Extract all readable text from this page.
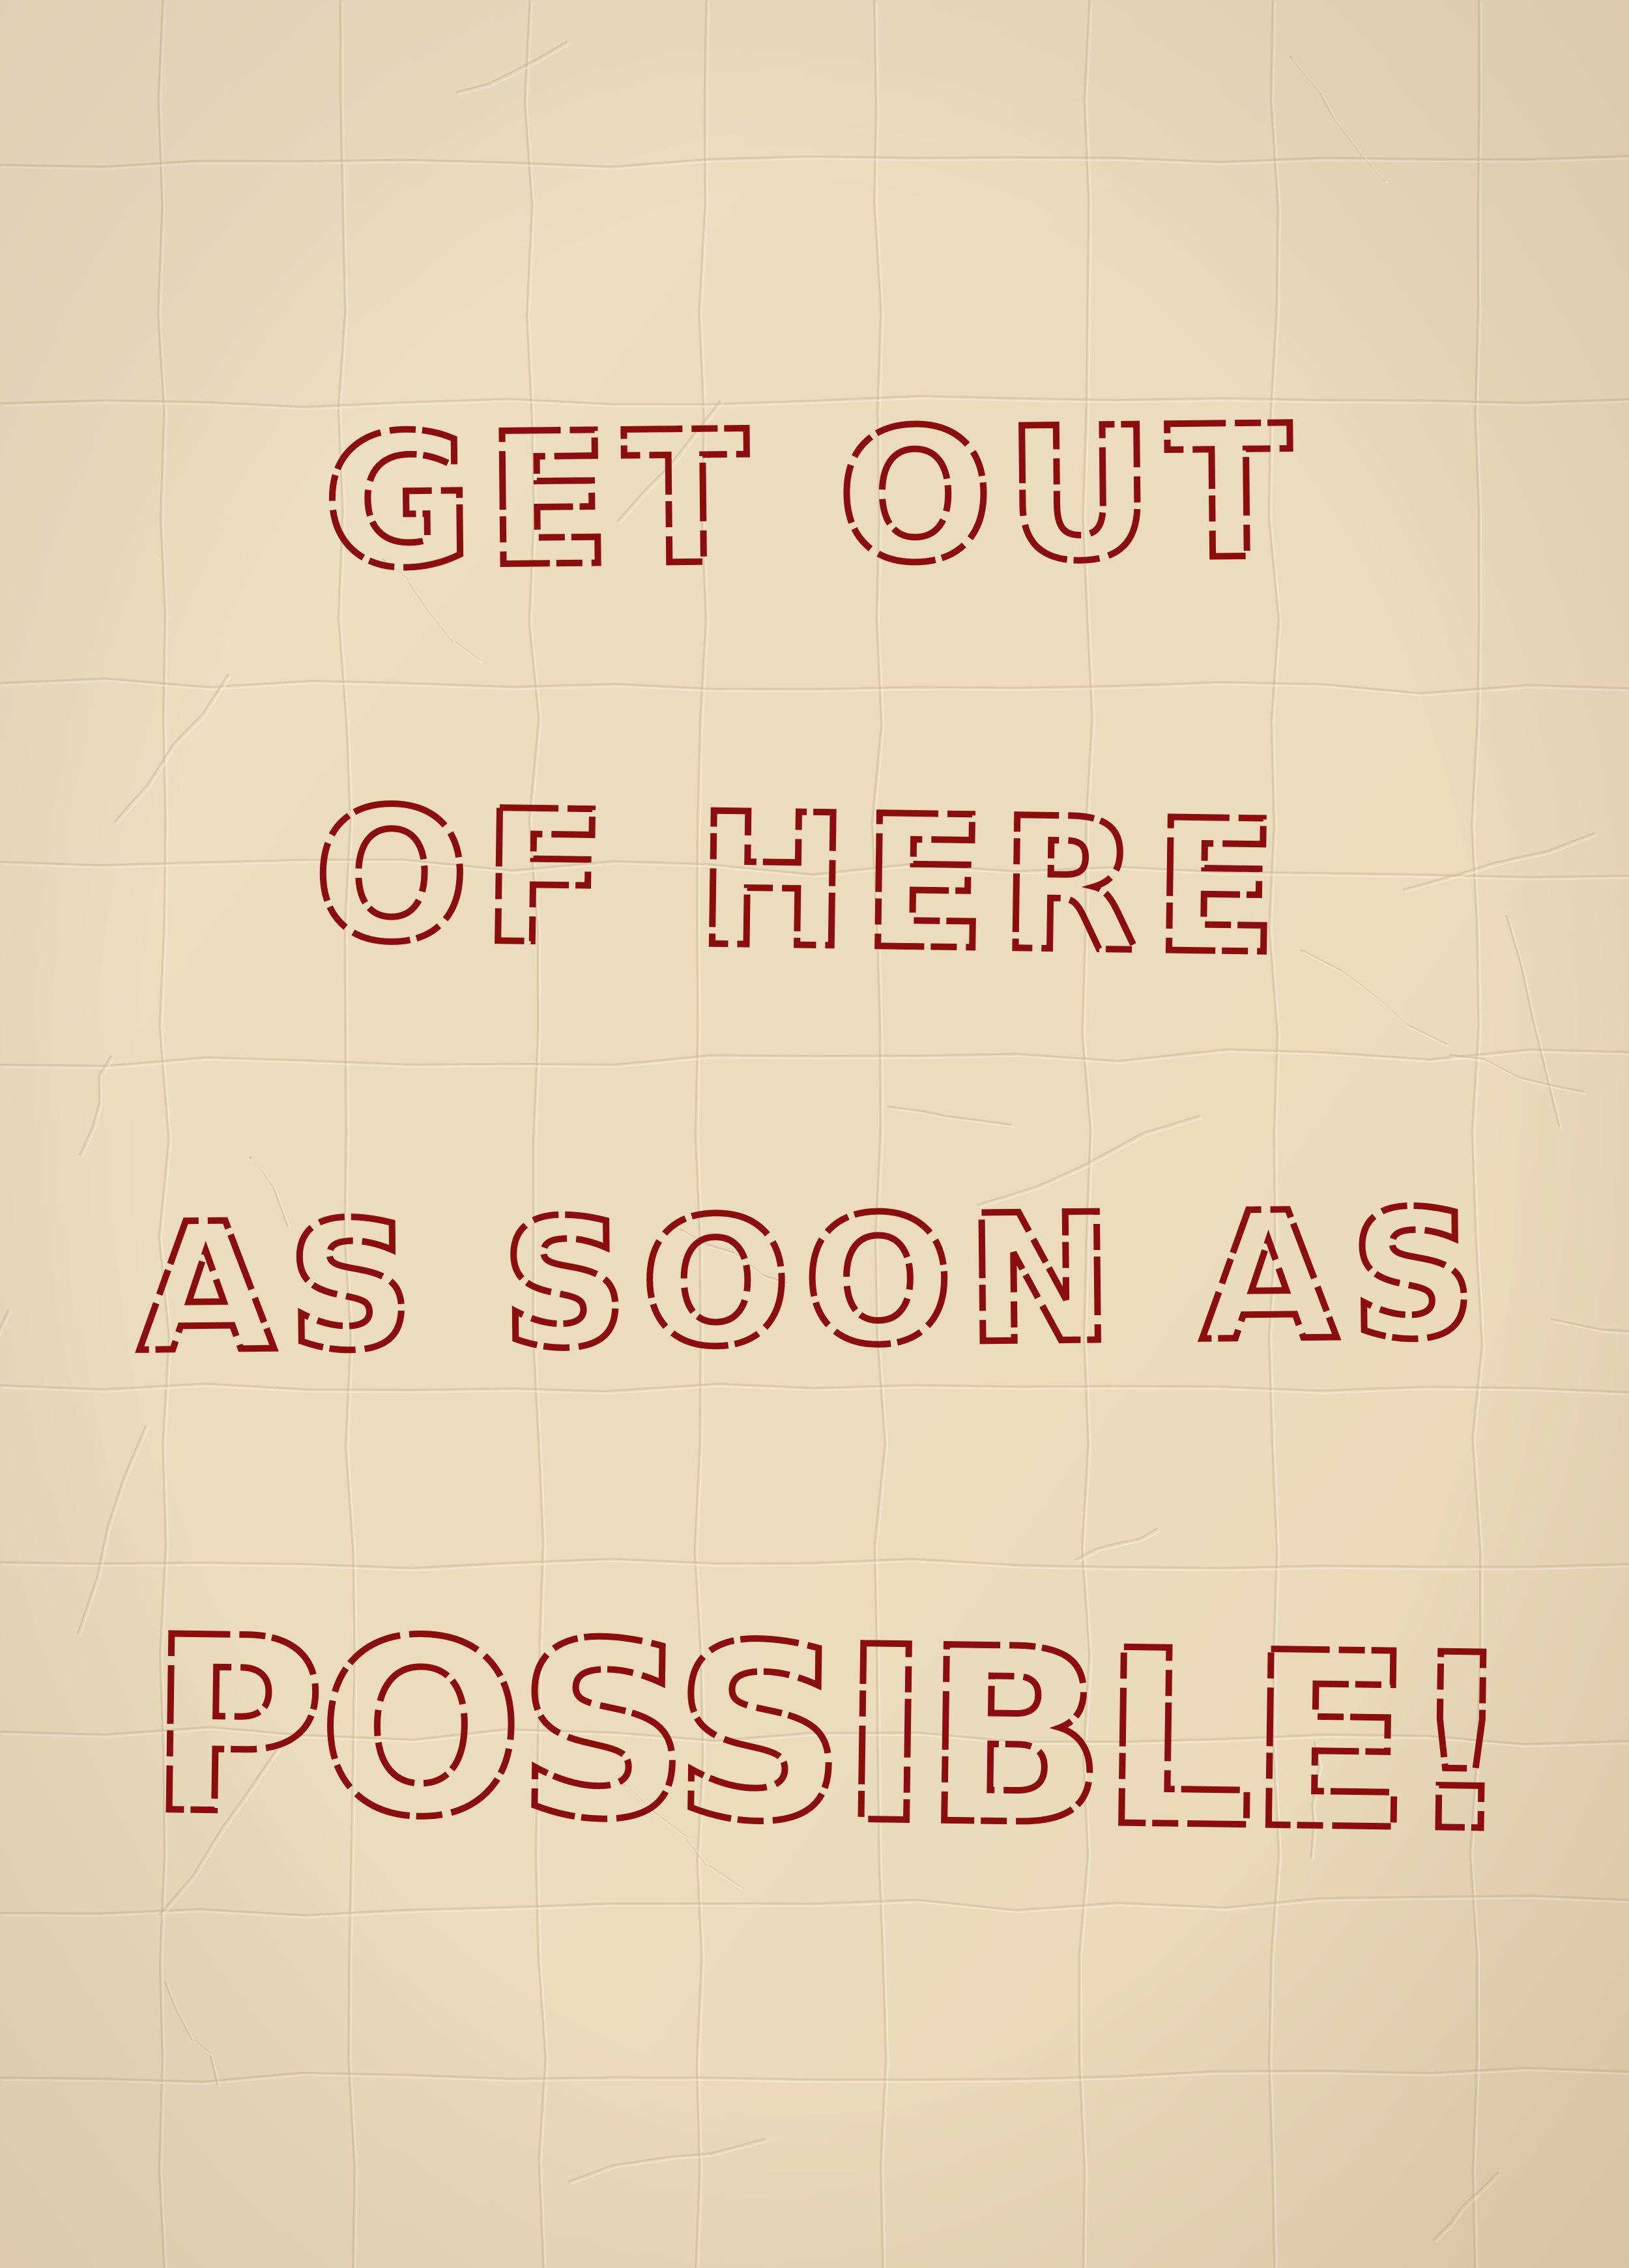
GET OUT
OF HERE
AS SOON AS
POSSIBLE!
